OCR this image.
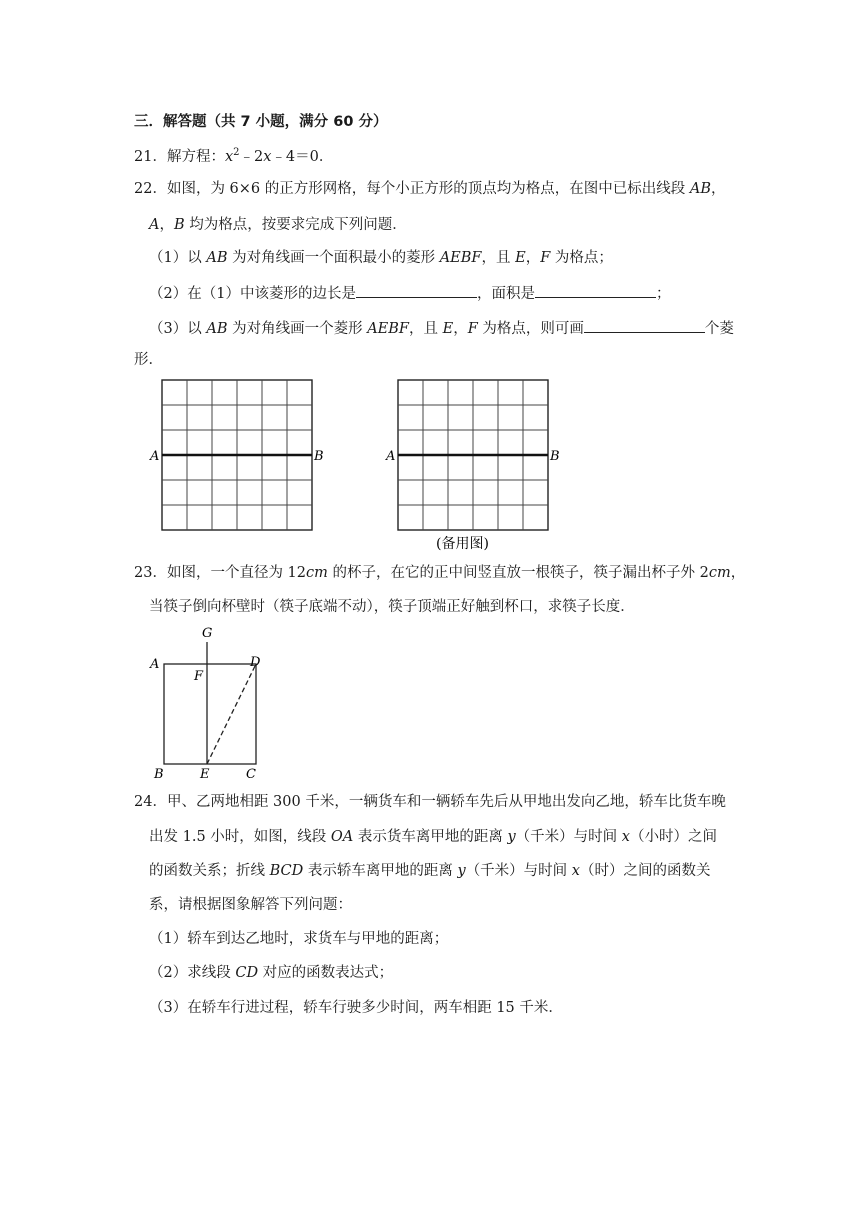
三．解答题（共 7 小题，满分 60 分）
21．解方程：$x^2﹣2x﹣4=0$．
22．如图，为 6×6 的正方形网格，每个小正方形的顶点均为格点，在图中已标出线段 AB，
A，B 均为格点，按要求完成下列问题．
（1）以 AB 为对角线画一个面积最小的菱形 AEBF，且 E，F 为格点；
（2）在（1）中该菱形的边长是	，面积是	；
（3）以 AB 为对角线画一个菱形 AEBF，且 E，F 为格点，则可画	个菱
形．
A	B	A	B
(备用图)
23．如图，一个直径为 12cm 的杯子，在它的正中间竖直放一根筷子，筷子漏出杯子外 2cm，
当筷子倒向杯壁时（筷子底端不动），筷子顶端正好触到杯口，求筷子长度．
G
A
F
D
B	E	C
24．甲、乙两地相距 300 千米，一辆货车和一辆轿车先后从甲地出发向乙地，轿车比货车晚
出发 1.5 小时，如图，线段 OA 表示货车离甲地的距离 y（千米）与时间 x（小时）之间
的函数关系；折线 BCD 表示轿车离甲地的距离 y（千米）与时间 x（时）之间的函数关
系，请根据图象解答下列问题：
（1）轿车到达乙地时，求货车与甲地的距离；
（2）求线段 CD 对应的函数表达式；
（3）在轿车行进过程，轿车行驶多少时间，两车相距 15 千米．
